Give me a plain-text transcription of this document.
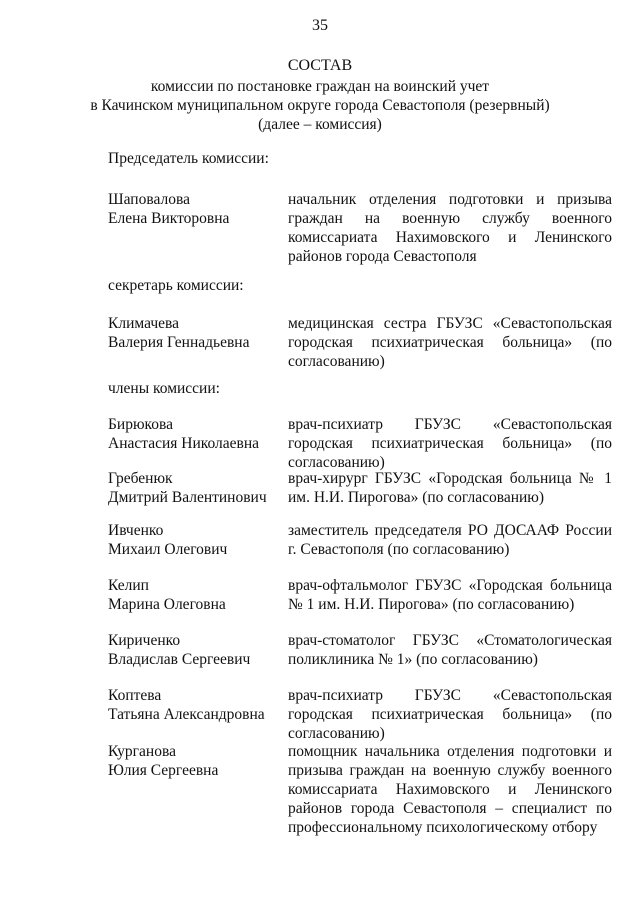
35
СОСТАВ
комиссии по постановке граждан на воинский учет
в Качинском муниципальном округе города Севастополя (резервный)
(далее – комиссия)
Председатель комиссии:
Шаповалова
Елена Викторовна
начальник отделения подготовки и призыва граждан на военную службу военного комиссариата Нахимовского и Ленинского районов города Севастополя
секретарь комиссии:
Климачева
Валерия Геннадьевна
медицинская сестра ГБУЗС «Севастопольская городская психиатрическая больница» (по согласованию)
члены комиссии:
Бирюкова
Анастасия Николаевна
врач-психиатр ГБУЗС «Севастопольская городская психиатрическая больница» (по согласованию)
Гребенюк
Дмитрий Валентинович
врач-хирург ГБУЗС «Городская больница № 1 им. Н.И. Пирогова» (по согласованию)
Ивченко
Михаил Олегович
заместитель председателя РО ДОСААФ России г. Севастополя (по согласованию)
Келип
Марина Олеговна
врач-офтальмолог ГБУЗС «Городская больница № 1 им. Н.И. Пирогова» (по согласованию)
Кириченко
Владислав Сергеевич
врач-стоматолог ГБУЗС «Стоматологическая поликлиника № 1» (по согласованию)
Коптева
Татьяна Александровна
врач-психиатр ГБУЗС «Севастопольская городская психиатрическая больница» (по согласованию)
Курганова
Юлия Сергеевна
помощник начальника отделения подготовки и призыва граждан на военную службу военного комиссариата Нахимовского и Ленинского районов города Севастополя – специалист по профессиональному психологическому отбору
